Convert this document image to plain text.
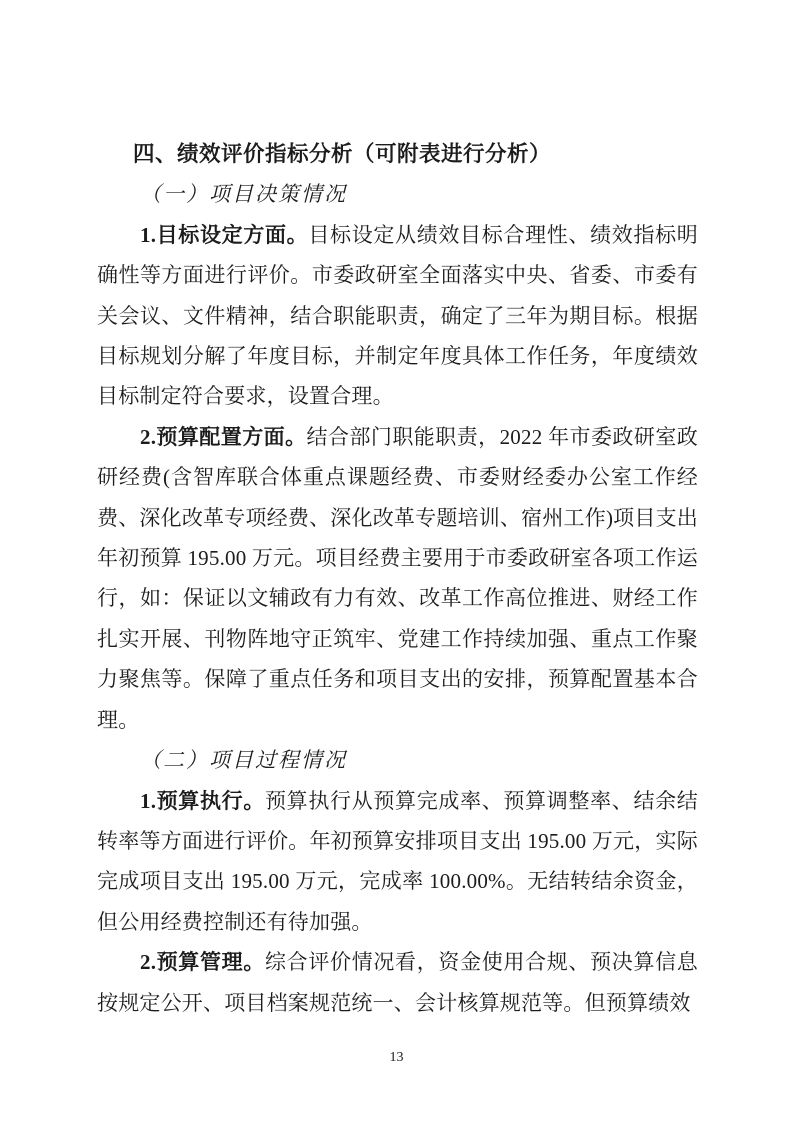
四、绩效评价指标分析（可附表进行分析）
（一）项目决策情况

1.目标设定方面。目标设定从绩效目标合理性、绩效指标明确性等方面进行评价。市委政研室全面落实中央、省委、市委有关会议、文件精神，结合职能职责，确定了三年为期目标。根据目标规划分解了年度目标，并制定年度具体工作任务，年度绩效目标制定符合要求，设置合理。

2.预算配置方面。结合部门职能职责，2022 年市委政研室政研经费(含智库联合体重点课题经费、市委财经委办公室工作经费、深化改革专项经费、深化改革专题培训、宿州工作)项目支出年初预算 195.00 万元。项目经费主要用于市委政研室各项工作运行，如：保证以文辅政有力有效、改革工作高位推进、财经工作扎实开展、刊物阵地守正筑牢、党建工作持续加强、重点工作聚力聚焦等。保障了重点任务和项目支出的安排，预算配置基本合理。

（二）项目过程情况

1.预算执行。预算执行从预算完成率、预算调整率、结余结转率等方面进行评价。年初预算安排项目支出 195.00 万元，实际完成项目支出 195.00 万元，完成率 100.00%。无结转结余资金，但公用经费控制还有待加强。

2.预算管理。综合评价情况看，资金使用合规、预决算信息按规定公开、项目档案规范统一、会计核算规范等。但预算绩效

13
